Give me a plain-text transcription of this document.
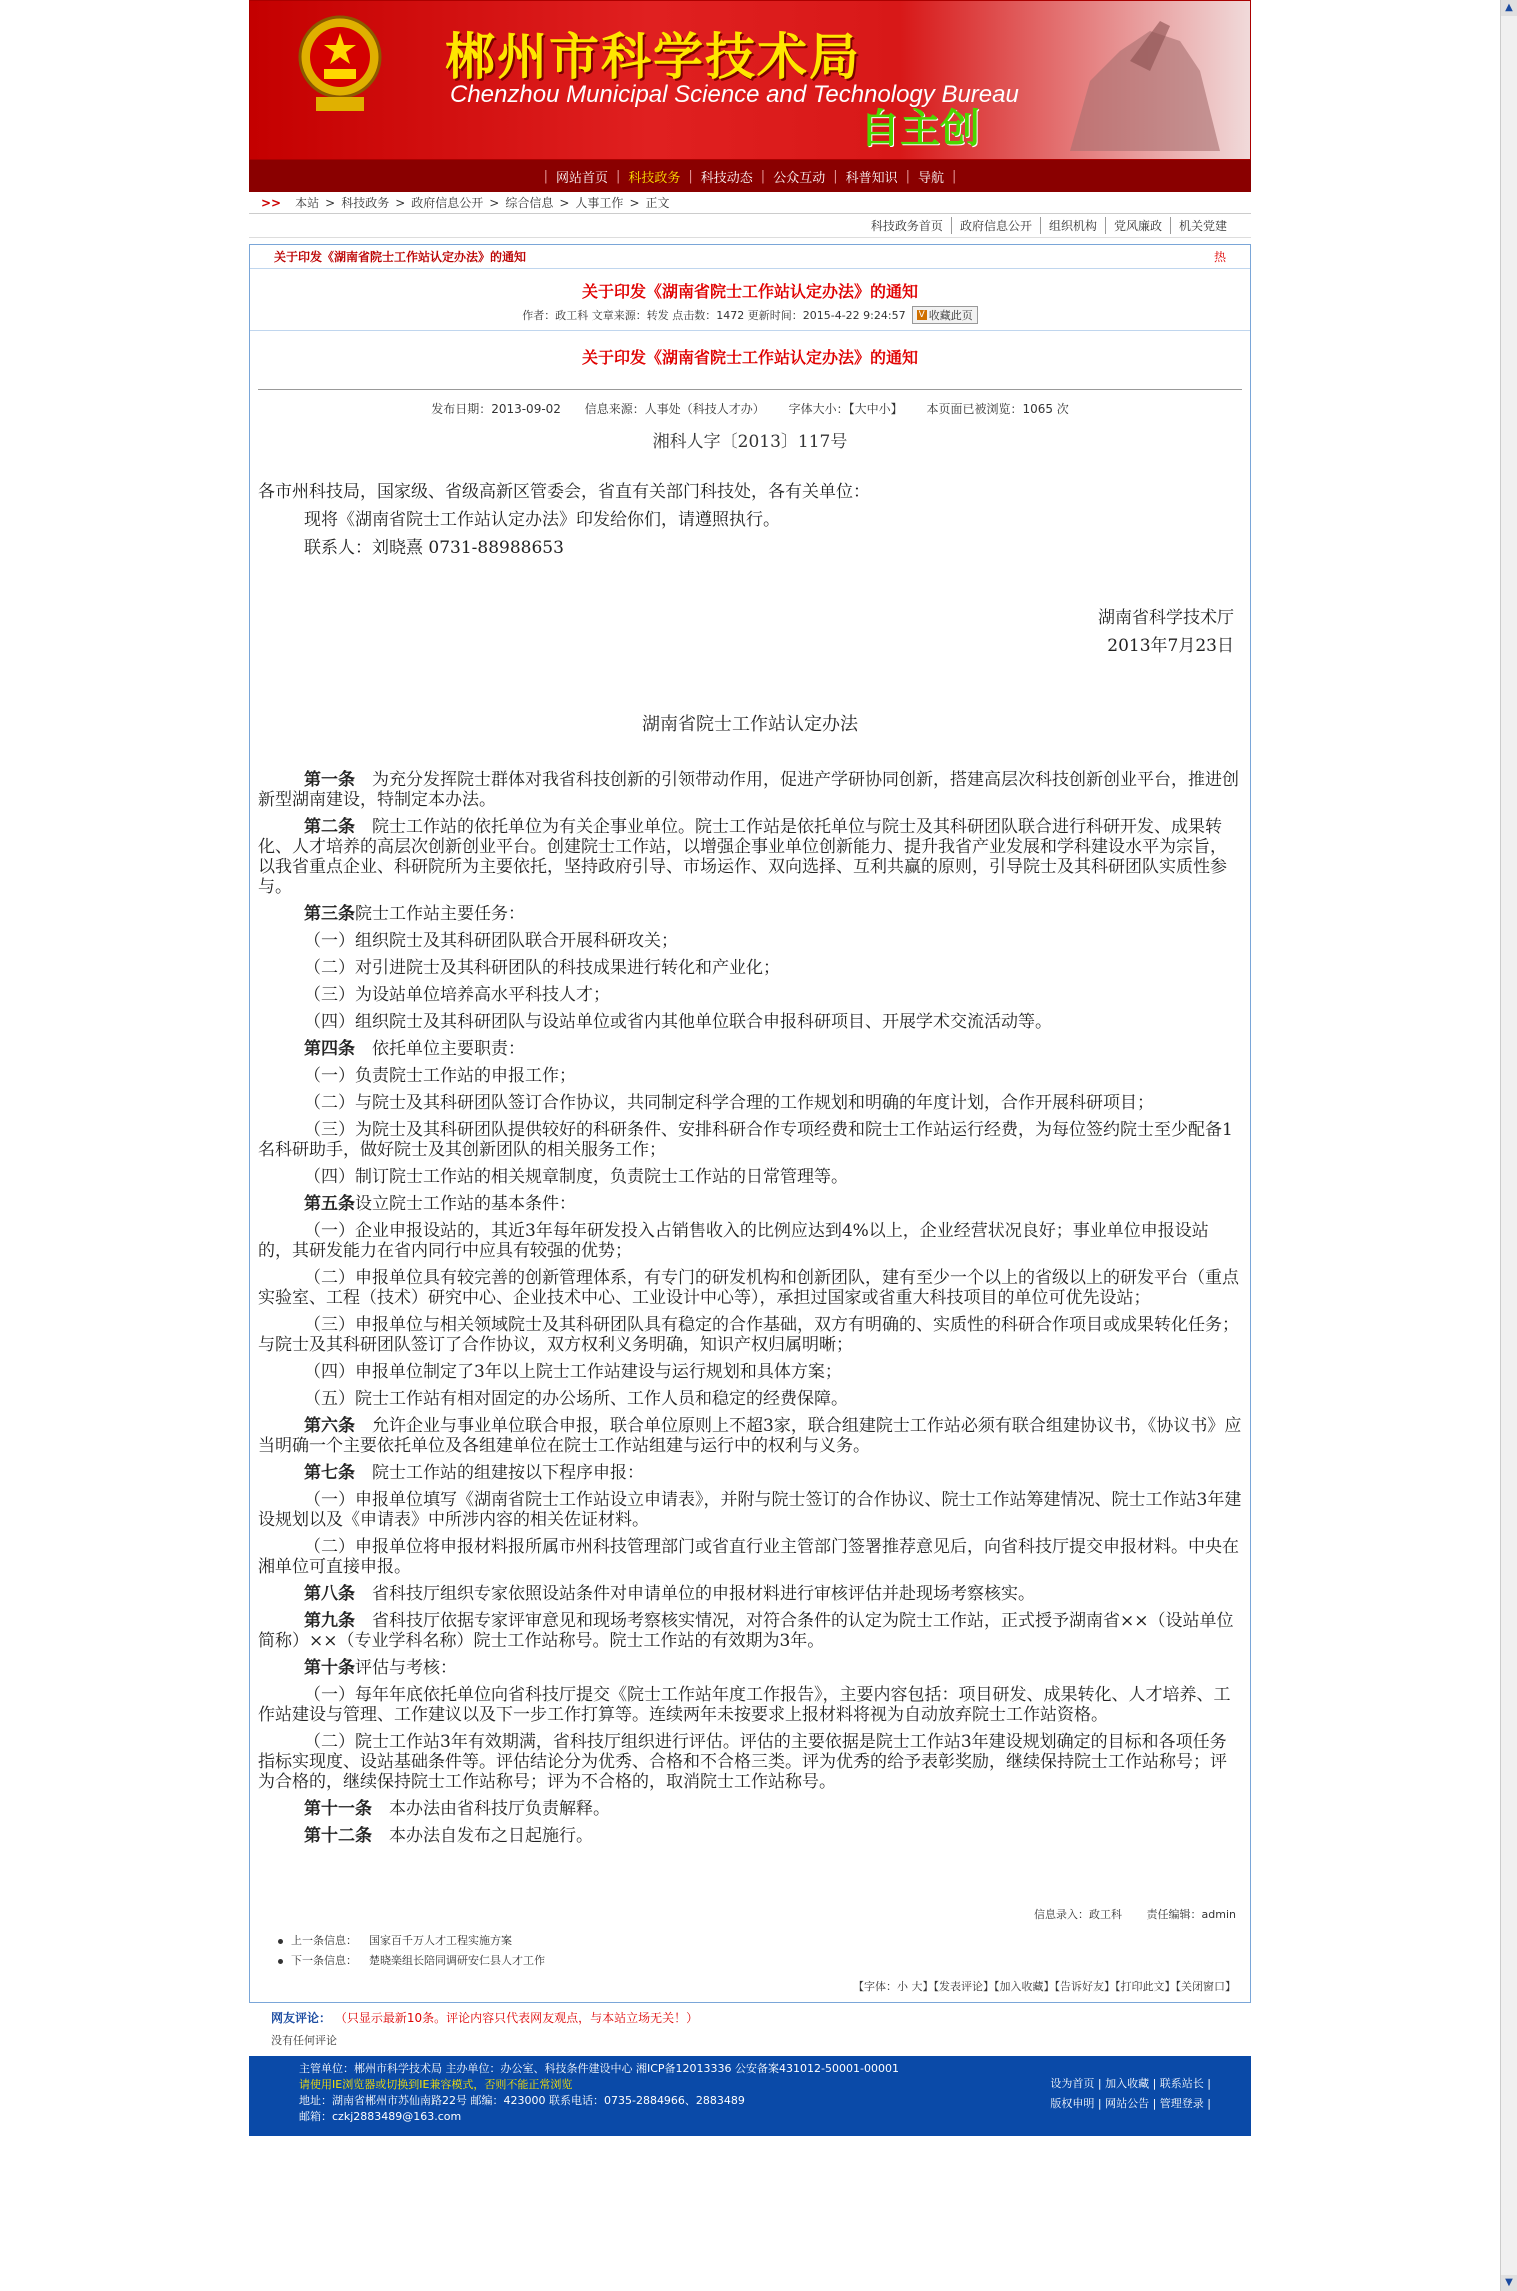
郴州市科学技术局
Chenzhou Municipal Science and Technology Bureau
自主创
| 网站首页 | 科技政务 | 科技动态 | 公众互动 | 科普知识 | 导航 |
>> 本站 > 科技政务 > 政府信息公开 > 综合信息 > 人事工作 > 正文
科技政务首页	政府信息公开	组织机构	党风廉政	机关党建
关于印发《湖南省院士工作站认定办法》的通知	热
关于印发《湖南省院士工作站认定办法》的通知
作者：政工科 文章来源：转发 点击数：1472 更新时间：2015-4-22 9:24:57 V 收藏此页
关于印发《湖南省院士工作站认定办法》的通知
发布日期：2013-09-02 信息来源：人事处（科技人才办） 字体大小：【大中小】 本页面已被浏览：1065 次
湘科人字〔2013〕117号
各市州科技局，国家级、省级高新区管委会，省直有关部门科技处，各有关单位：
现将《湖南省院士工作站认定办法》印发给你们，请遵照执行。
联系人：刘晓熹 0731-88988653
湖南省科学技术厅
2013年7月23日
湖南省院士工作站认定办法

第一条　为充分发挥院士群体对我省科技创新的引领带动作用，促进产学研协同创新，搭建高层次科技创新创业平台，推进创新型湖南建设，特制定本办法。

第二条　院士工作站的依托单位为有关企事业单位。院士工作站是依托单位与院士及其科研团队联合进行科研开发、成果转化、人才培养的高层次创新创业平台。创建院士工作站，以增强企事业单位创新能力、提升我省产业发展和学科建设水平为宗旨，以我省重点企业、科研院所为主要依托，坚持政府引导、市场运作、双向选择、互利共赢的原则，引导院士及其科研团队实质性参与。

第三条院士工作站主要任务：

（一）组织院士及其科研团队联合开展科研攻关；

（二）对引进院士及其科研团队的科技成果进行转化和产业化；

（三）为设站单位培养高水平科技人才；

（四）组织院士及其科研团队与设站单位或省内其他单位联合申报科研项目、开展学术交流活动等。

第四条　依托单位主要职责：

（一）负责院士工作站的申报工作；

（二）与院士及其科研团队签订合作协议，共同制定科学合理的工作规划和明确的年度计划，合作开展科研项目；

（三）为院士及其科研团队提供较好的科研条件、安排科研合作专项经费和院士工作站运行经费，为每位签约院士至少配备1名科研助手，做好院士及其创新团队的相关服务工作；

（四）制订院士工作站的相关规章制度，负责院士工作站的日常管理等。

第五条设立院士工作站的基本条件：

（一）企业申报设站的，其近3年每年研发投入占销售收入的比例应达到4%以上，企业经营状况良好；事业单位申报设站的，其研发能力在省内同行中应具有较强的优势；

（二）申报单位具有较完善的创新管理体系，有专门的研发机构和创新团队，建有至少一个以上的省级以上的研发平台（重点实验室、工程（技术）研究中心、企业技术中心、工业设计中心等），承担过国家或省重大科技项目的单位可优先设站；

（三）申报单位与相关领域院士及其科研团队具有稳定的合作基础，双方有明确的、实质性的科研合作项目或成果转化任务；与院士及其科研团队签订了合作协议，双方权利义务明确，知识产权归属明晰；

（四）申报单位制定了3年以上院士工作站建设与运行规划和具体方案；

（五）院士工作站有相对固定的办公场所、工作人员和稳定的经费保障。

第六条　允许企业与事业单位联合申报，联合单位原则上不超3家，联合组建院士工作站必须有联合组建协议书，《协议书》应当明确一个主要依托单位及各组建单位在院士工作站组建与运行中的权利与义务。

第七条　院士工作站的组建按以下程序申报：

（一）申报单位填写《湖南省院士工作站设立申请表》，并附与院士签订的合作协议、院士工作站筹建情况、院士工作站3年建设规划以及《申请表》中所涉内容的相关佐证材料。

（二）申报单位将申报材料报所属市州科技管理部门或省直行业主管部门签署推荐意见后，向省科技厅提交申报材料。中央在湘单位可直接申报。

第八条　省科技厅组织专家依照设站条件对申请单位的申报材料进行审核评估并赴现场考察核实。

第九条　省科技厅依据专家评审意见和现场考察核实情况，对符合条件的认定为院士工作站，正式授予湖南省××（设站单位简称）××（专业学科名称）院士工作站称号。院士工作站的有效期为3年。

第十条评估与考核：

（一）每年年底依托单位向省科技厅提交《院士工作站年度工作报告》，主要内容包括：项目研发、成果转化、人才培养、工作站建设与管理、工作建议以及下一步工作打算等。连续两年未按要求上报材料将视为自动放弃院士工作站资格。

（二）院士工作站3年有效期满，省科技厅组织进行评估。评估的主要依据是院士工作站3年建设规划确定的目标和各项任务指标实现度、设站基础条件等。评估结论分为优秀、合格和不合格三类。评为优秀的给予表彰奖励，继续保持院士工作站称号；评为合格的，继续保持院士工作站称号；评为不合格的，取消院士工作站称号。

第十一条　本办法由省科技厅负责解释。

第十二条　本办法自发布之日起施行。

信息录入：政工科 责任编辑：admin
上一条信息： 国家百千万人才工程实施方案
下一条信息： 楚晓楽组长陪同调研安仁县人才工作
【字体：小 大】【发表评论】【加入收藏】【告诉好友】【打印此文】【关闭窗口】
网友评论： （只显示最新10条。评论内容只代表网友观点，与本站立场无关！）
没有任何评论
主管单位：郴州市科学技术局 主办单位：办公室、科技条件建设中心 湘ICP备12013336 公安备案431012-50001-00001
请使用IE浏览器或切换到IE兼容模式，否则不能正常浏览
地址：湖南省郴州市苏仙南路22号 邮编：423000 联系电话：0735-2884966、2883489
邮箱：czkj2883489@163.com
设为首页 | 加入收藏 | 联系站长 |
版权申明 | 网站公告 | 管理登录 |
▲
▼
